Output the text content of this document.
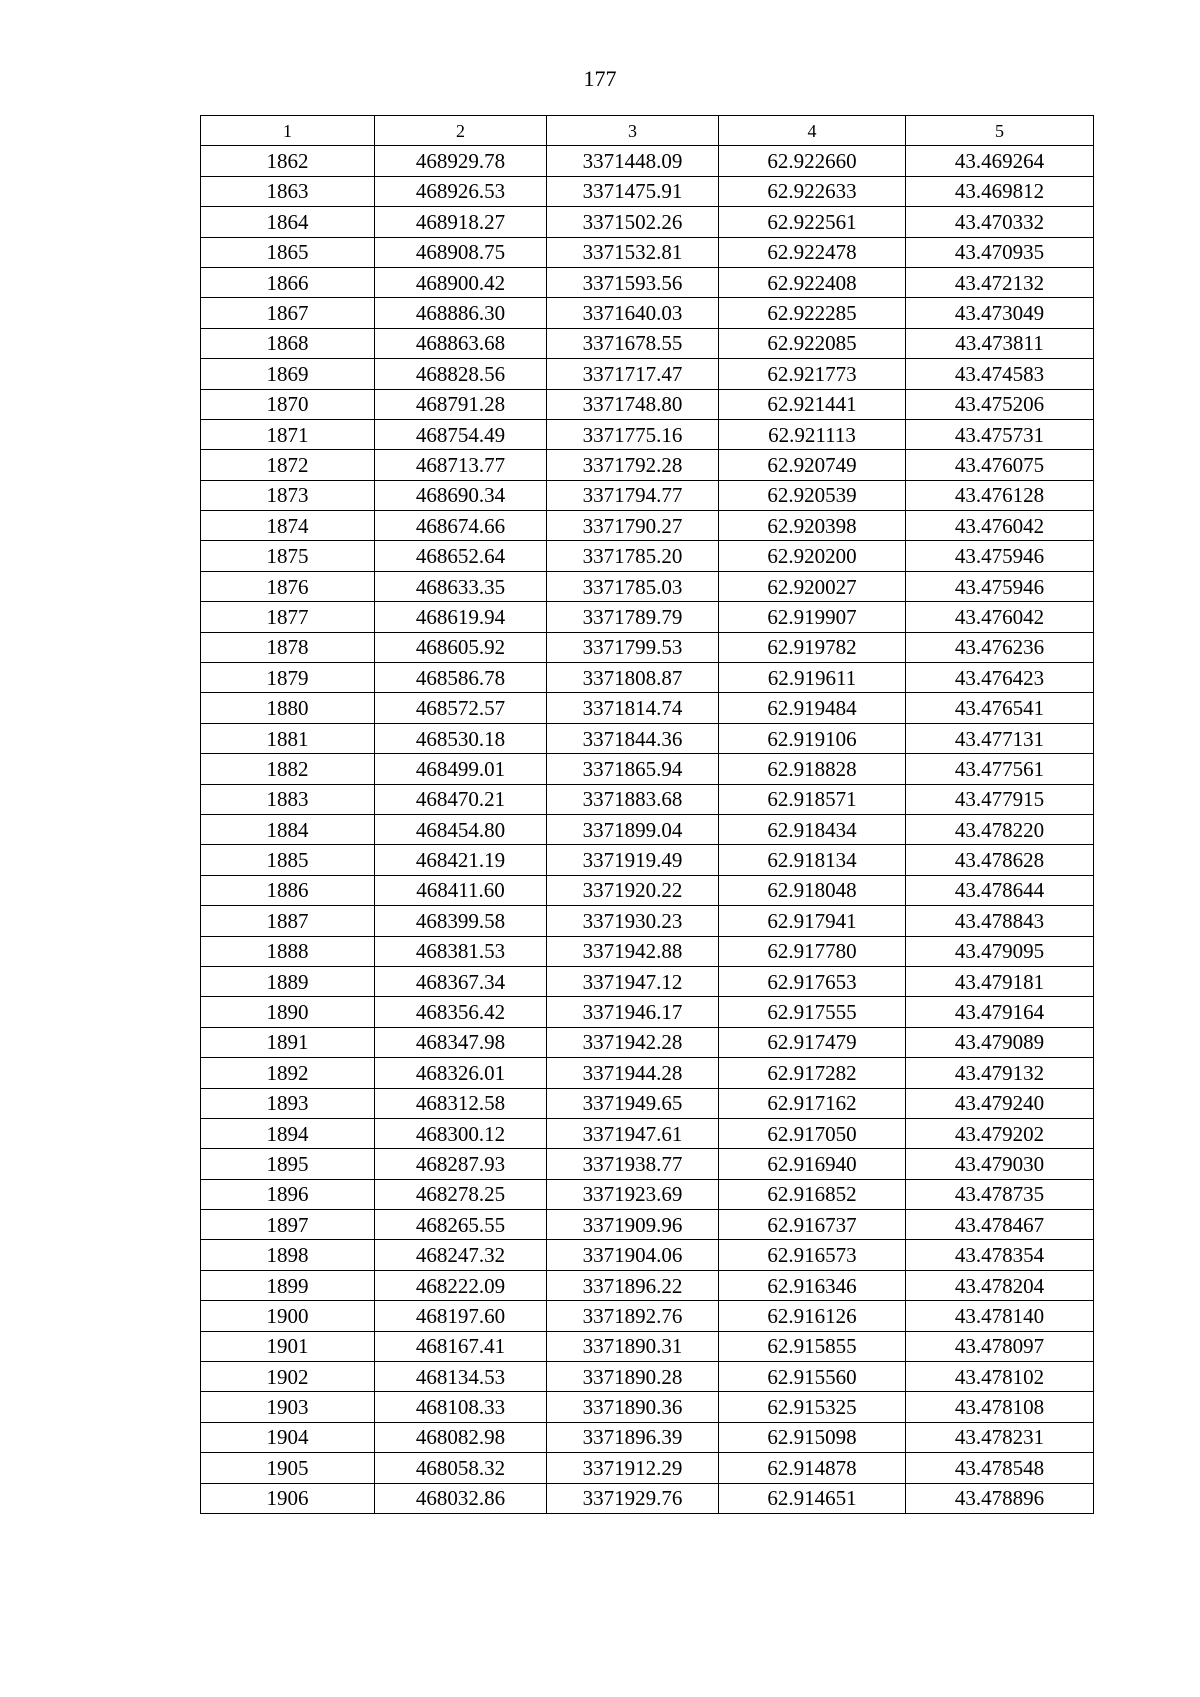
177
1	2	3	4	5
1862	468929.78	3371448.09	62.922660	43.469264
1863	468926.53	3371475.91	62.922633	43.469812
1864	468918.27	3371502.26	62.922561	43.470332
1865	468908.75	3371532.81	62.922478	43.470935
1866	468900.42	3371593.56	62.922408	43.472132
1867	468886.30	3371640.03	62.922285	43.473049
1868	468863.68	3371678.55	62.922085	43.473811
1869	468828.56	3371717.47	62.921773	43.474583
1870	468791.28	3371748.80	62.921441	43.475206
1871	468754.49	3371775.16	62.921113	43.475731
1872	468713.77	3371792.28	62.920749	43.476075
1873	468690.34	3371794.77	62.920539	43.476128
1874	468674.66	3371790.27	62.920398	43.476042
1875	468652.64	3371785.20	62.920200	43.475946
1876	468633.35	3371785.03	62.920027	43.475946
1877	468619.94	3371789.79	62.919907	43.476042
1878	468605.92	3371799.53	62.919782	43.476236
1879	468586.78	3371808.87	62.919611	43.476423
1880	468572.57	3371814.74	62.919484	43.476541
1881	468530.18	3371844.36	62.919106	43.477131
1882	468499.01	3371865.94	62.918828	43.477561
1883	468470.21	3371883.68	62.918571	43.477915
1884	468454.80	3371899.04	62.918434	43.478220
1885	468421.19	3371919.49	62.918134	43.478628
1886	468411.60	3371920.22	62.918048	43.478644
1887	468399.58	3371930.23	62.917941	43.478843
1888	468381.53	3371942.88	62.917780	43.479095
1889	468367.34	3371947.12	62.917653	43.479181
1890	468356.42	3371946.17	62.917555	43.479164
1891	468347.98	3371942.28	62.917479	43.479089
1892	468326.01	3371944.28	62.917282	43.479132
1893	468312.58	3371949.65	62.917162	43.479240
1894	468300.12	3371947.61	62.917050	43.479202
1895	468287.93	3371938.77	62.916940	43.479030
1896	468278.25	3371923.69	62.916852	43.478735
1897	468265.55	3371909.96	62.916737	43.478467
1898	468247.32	3371904.06	62.916573	43.478354
1899	468222.09	3371896.22	62.916346	43.478204
1900	468197.60	3371892.76	62.916126	43.478140
1901	468167.41	3371890.31	62.915855	43.478097
1902	468134.53	3371890.28	62.915560	43.478102
1903	468108.33	3371890.36	62.915325	43.478108
1904	468082.98	3371896.39	62.915098	43.478231
1905	468058.32	3371912.29	62.914878	43.478548
1906	468032.86	3371929.76	62.914651	43.478896
